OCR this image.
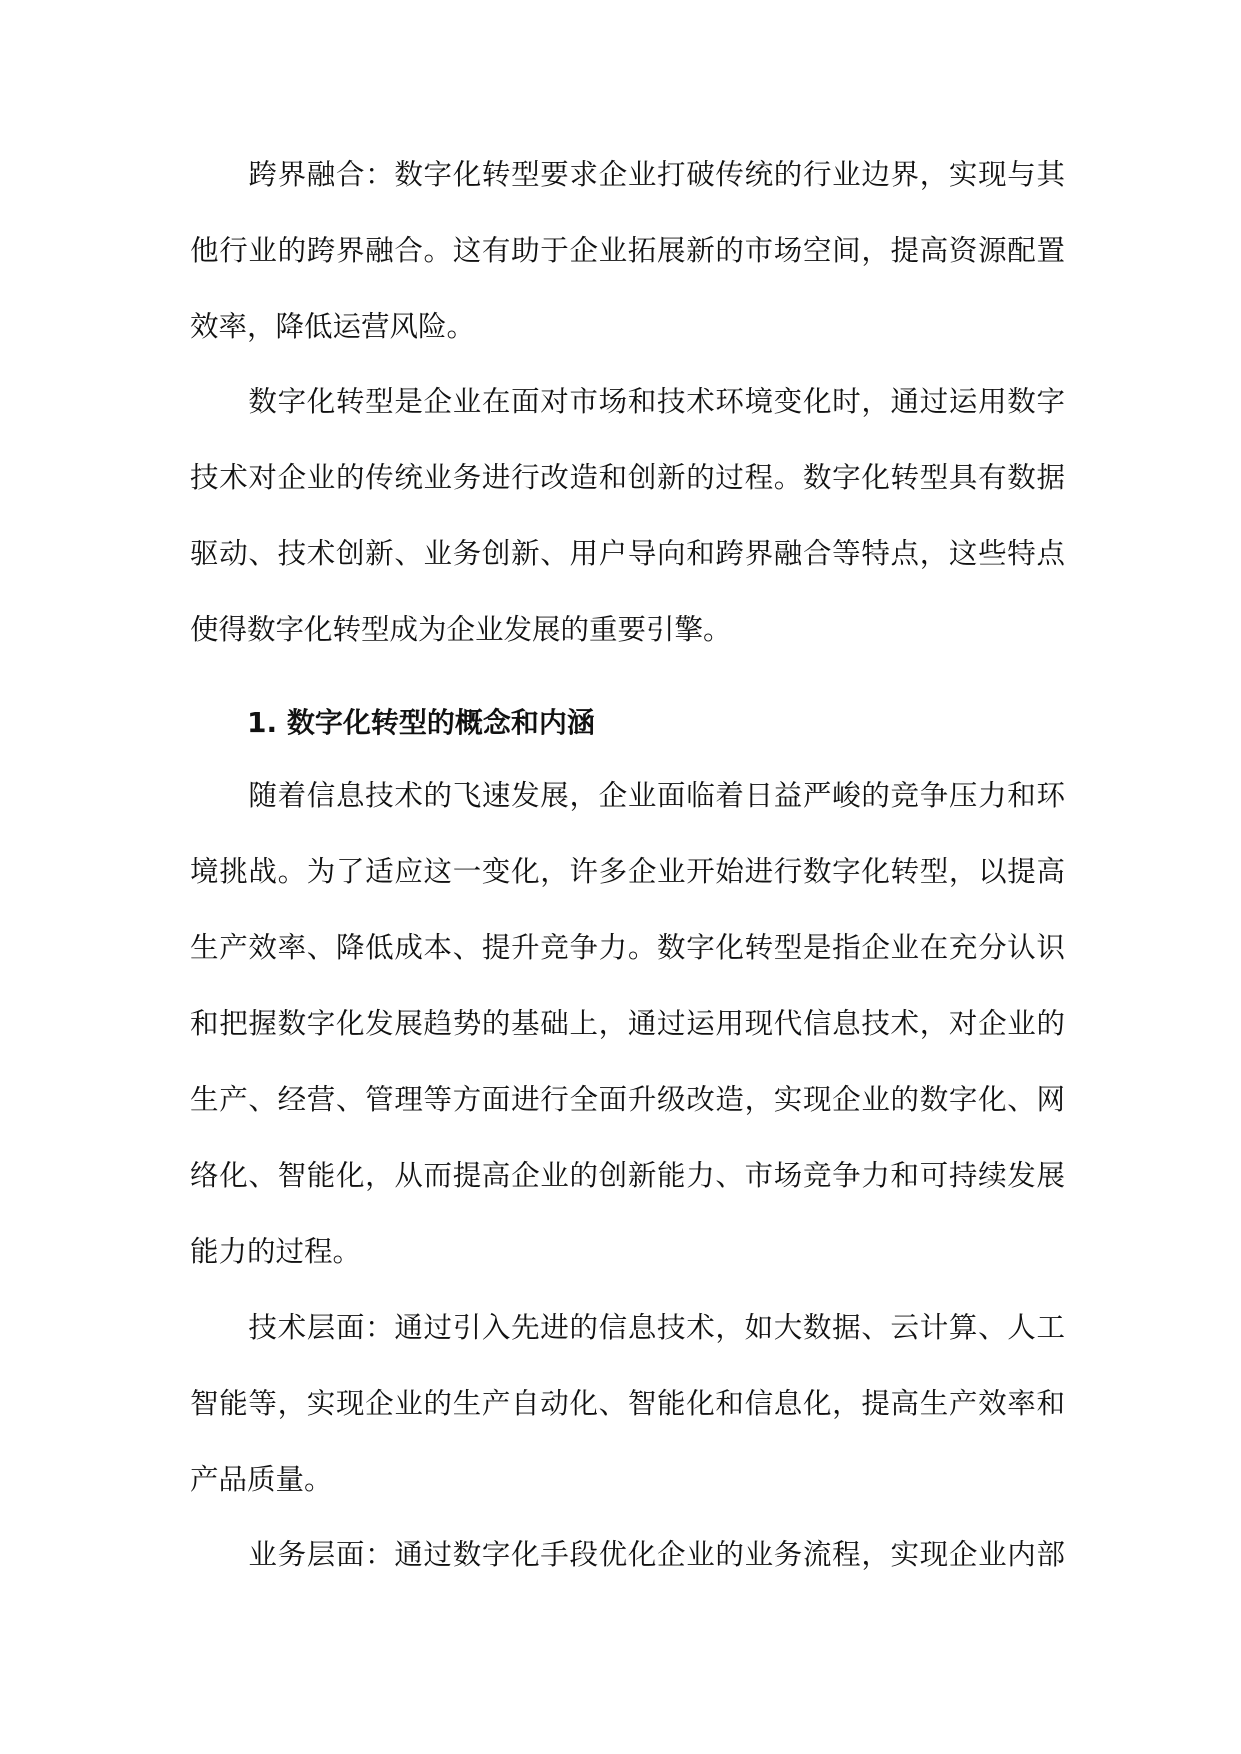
　　跨界融合：数字化转型要求企业打破传统的行业边界，实现与其
他行业的跨界融合。这有助于企业拓展新的市场空间，提高资源配置
效率，降低运营风险。
　　数字化转型是企业在面对市场和技术环境变化时，通过运用数字
技术对企业的传统业务进行改造和创新的过程。数字化转型具有数据
驱动、技术创新、业务创新、用户导向和跨界融合等特点，这些特点
使得数字化转型成为企业发展的重要引擎。
1. 数字化转型的概念和内涵
　　随着信息技术的飞速发展，企业面临着日益严峻的竞争压力和环
境挑战。为了适应这一变化，许多企业开始进行数字化转型，以提高
生产效率、降低成本、提升竞争力。数字化转型是指企业在充分认识
和把握数字化发展趋势的基础上，通过运用现代信息技术，对企业的
生产、经营、管理等方面进行全面升级改造，实现企业的数字化、网
络化、智能化，从而提高企业的创新能力、市场竞争力和可持续发展
能力的过程。
　　技术层面：通过引入先进的信息技术，如大数据、云计算、人工
智能等，实现企业的生产自动化、智能化和信息化，提高生产效率和
产品质量。
　　业务层面：通过数字化手段优化企业的业务流程，实现企业内部
